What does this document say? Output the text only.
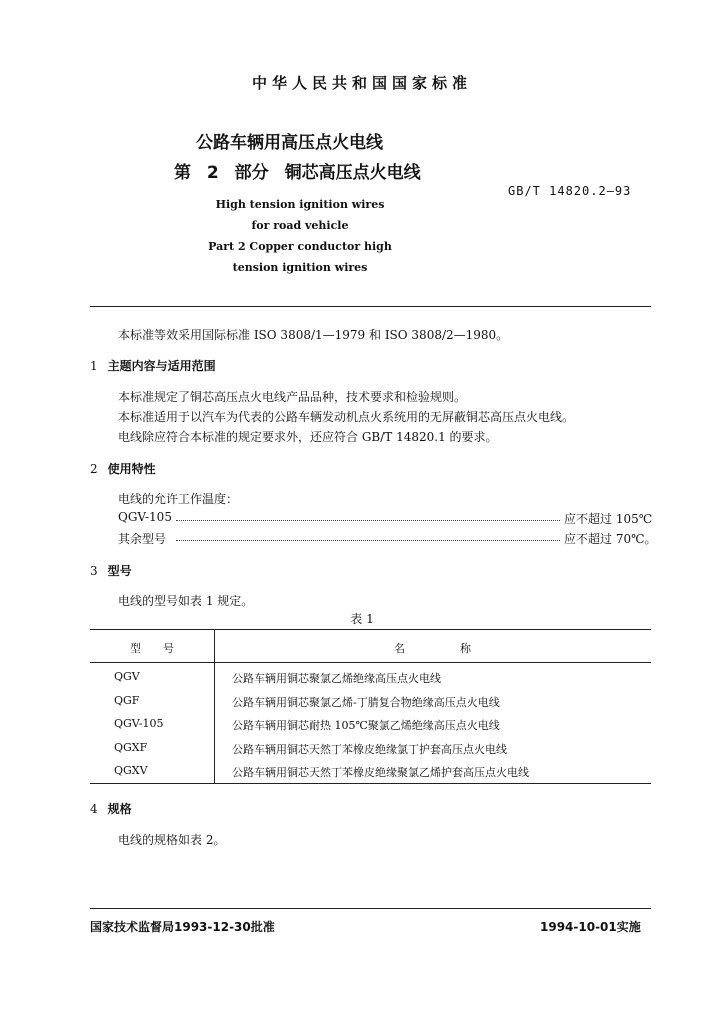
中华人民共和国国家标准
公路车辆用高压点火电线
第 2 部分 铜芯高压点火电线
GB/T 14820.2—93
High tension ignition wires
for road vehicle
Part 2 Copper conductor high
tension ignition wires
本标准等效采用国际标准 ISO 3808/1—1979 和 ISO 3808/2—1980。
1 主题内容与适用范围
本标准规定了铜芯高压点火电线产品品种，技术要求和检验规则。
本标准适用于以汽车为代表的公路车辆发动机点火系统用的无屏蔽铜芯高压点火电线。
电线除应符合本标准的规定要求外，还应符合 GB/T 14820.1 的要求。
2 使用特性
电线的允许工作温度：
QGV-105	应不超过 105℃
其余型号	应不超过 70℃。
3 型号
电线的型号如表 1 规定。
表 1
型　　号	名　　　　　称
QGV	公路车辆用铜芯聚氯乙烯绝缘高压点火电线
QGF	公路车辆用铜芯聚氯乙烯-丁腈复合物绝缘高压点火电线
QGV-105	公路车辆用铜芯耐热 105℃聚氯乙烯绝缘高压点火电线
QGXF	公路车辆用铜芯天然丁苯橡皮绝缘氯丁护套高压点火电线
QGXV	公路车辆用铜芯天然丁苯橡皮绝缘聚氯乙烯护套高压点火电线
4 规格
电线的规格如表 2。
国家技术监督局1993-12-30批准	1994-10-01实施
